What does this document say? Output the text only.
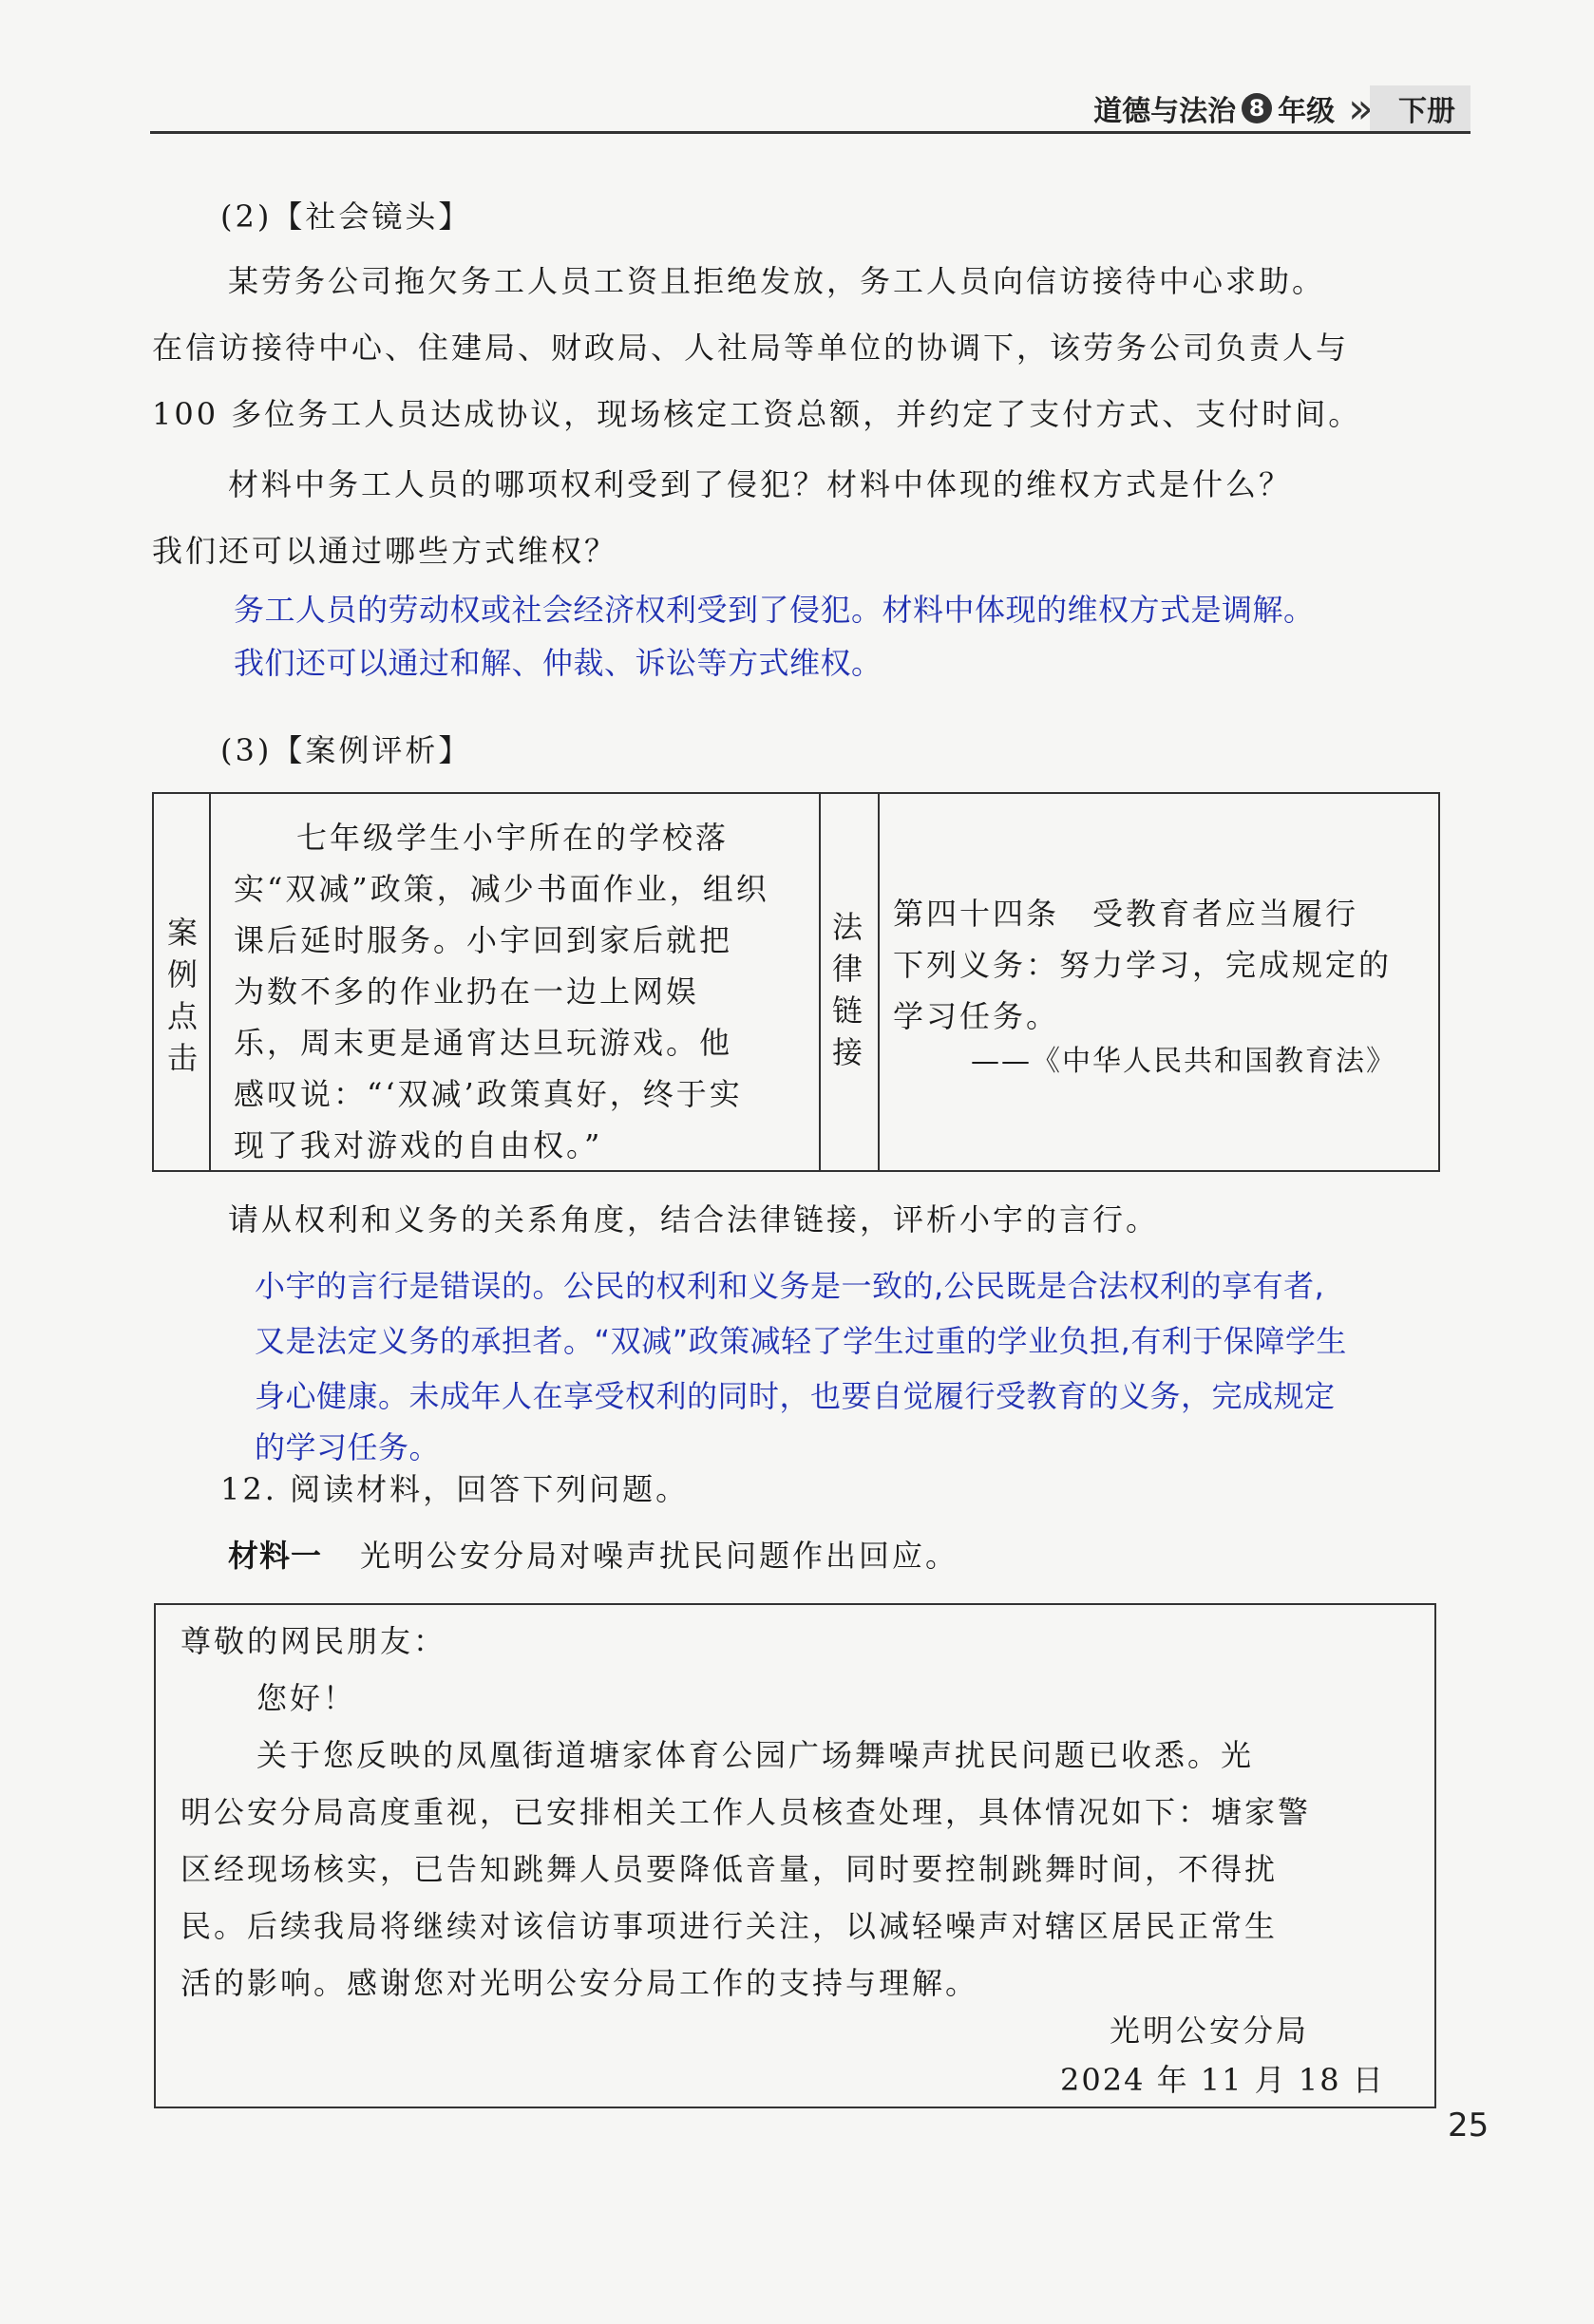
道德与法治 8 年级 »	下册
(2)【社会镜头】
某劳务公司拖欠务工人员工资且拒绝发放，务工人员向信访接待中心求助。
在信访接待中心、住建局、财政局、人社局等单位的协调下，该劳务公司负责人与
100 多位务工人员达成协议，现场核定工资总额，并约定了支付方式、支付时间。
材料中务工人员的哪项权利受到了侵犯？材料中体现的维权方式是什么？
我们还可以通过哪些方式维权？
务工人员的劳动权或社会经济权利受到了侵犯。材料中体现的维权方式是调解。
我们还可以通过和解、仲裁、诉讼等方式维权。
(3)【案例评析】
案
例
点
击
七年级学生小宇所在的学校落
实“双减”政策，减少书面作业，组织
课后延时服务。小宇回到家后就把
为数不多的作业扔在一边上网娱
乐，周末更是通宵达旦玩游戏。他
感叹说：“‘双减’政策真好，终于实
现了我对游戏的自由权。”
法
律
链
接
第四十四条　受教育者应当履行
下列义务：努力学习，完成规定的
学习任务。
——《中华人民共和国教育法》
请从权利和义务的关系角度，结合法律链接，评析小宇的言行。
小宇的言行是错误的。公民的权利和义务是一致的,公民既是合法权利的享有者,
又是法定义务的承担者。“双减”政策减轻了学生过重的学业负担,有利于保障学生
身心健康。未成年人在享受权利的同时，也要自觉履行受教育的义务，完成规定
的学习任务。
12. 阅读材料，回答下列问题。
材料一 光明公安分局对噪声扰民问题作出回应。
尊敬的网民朋友：
您好！
关于您反映的凤凰街道塘家体育公园广场舞噪声扰民问题已收悉。光
明公安分局高度重视，已安排相关工作人员核查处理，具体情况如下：塘家警
区经现场核实，已告知跳舞人员要降低音量，同时要控制跳舞时间，不得扰
民。后续我局将继续对该信访事项进行关注，以减轻噪声对辖区居民正常生
活的影响。感谢您对光明公安分局工作的支持与理解。
光明公安分局
2024 年 11 月 18 日
25
